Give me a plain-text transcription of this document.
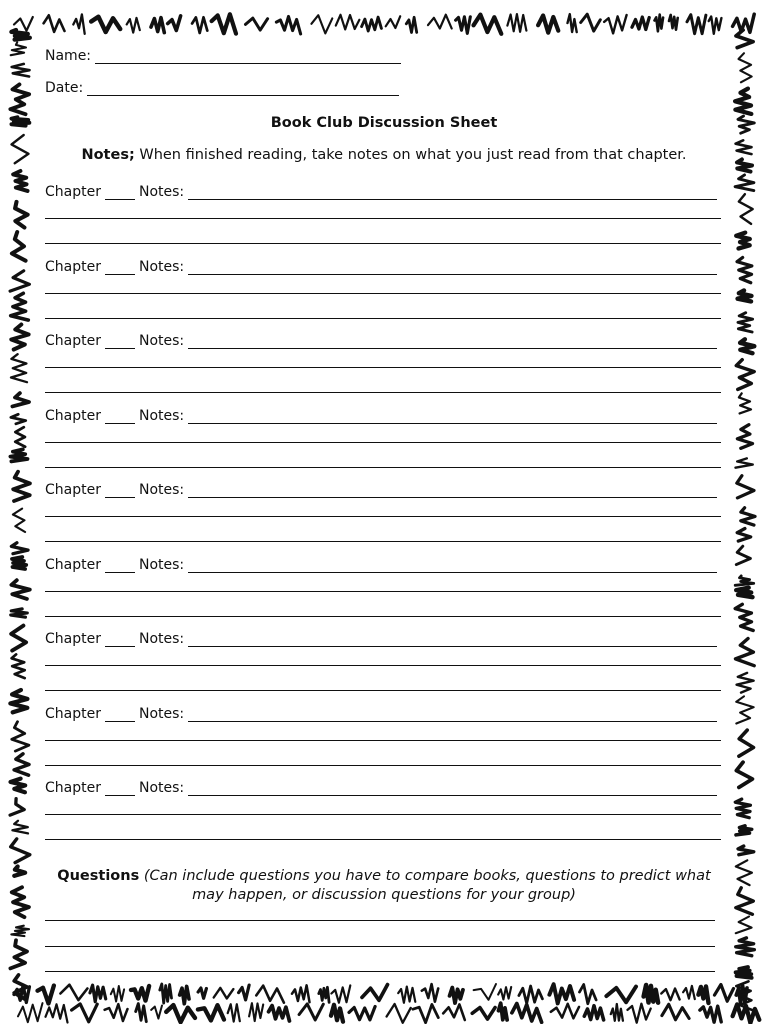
Name:
Date:
Book Club Discussion Sheet
Notes; When finished reading, take notes on what you just read from that chapter.
Chapter	Notes:
Chapter	Notes:
Chapter	Notes:
Chapter	Notes:
Chapter	Notes:
Chapter	Notes:
Chapter	Notes:
Chapter	Notes:
Chapter	Notes:
Questions (Can include questions you have to compare books, questions to predict what may happen, or discussion questions for your group)
